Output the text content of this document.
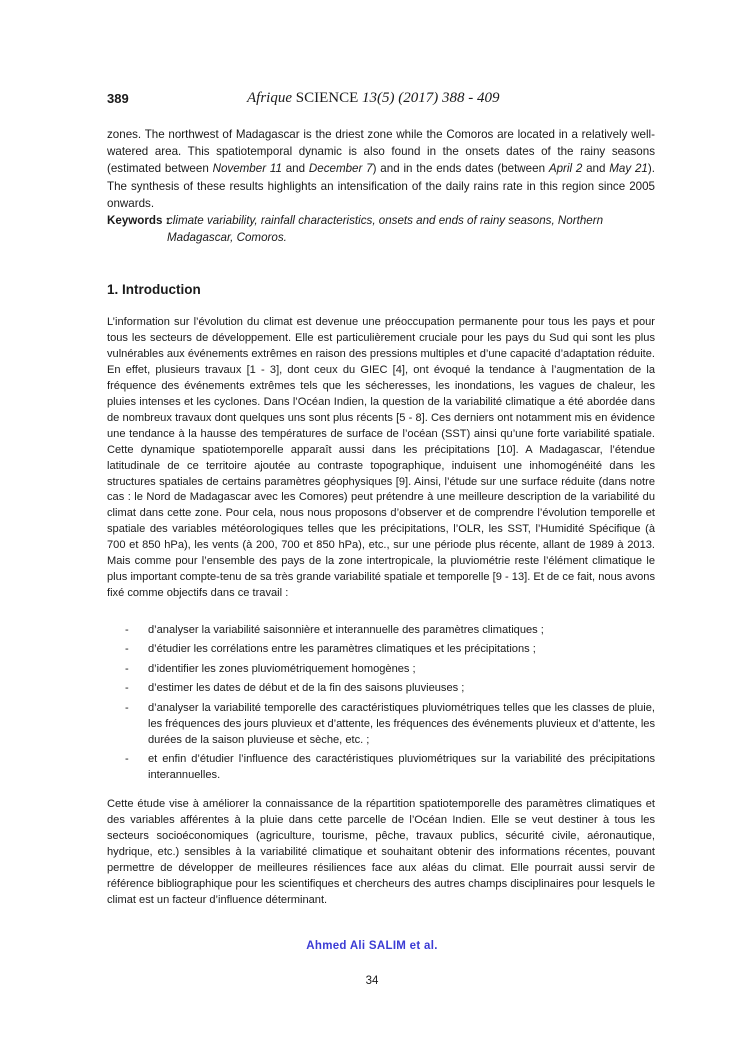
389	Afrique SCIENCE 13(5) (2017) 388 - 409
zones. The northwest of Madagascar is the driest zone while the Comoros are located in a relatively well-watered area. This spatiotemporal dynamic is also found in the onsets dates of the rainy seasons (estimated between November 11 and December 7) and in the ends dates (between April 2 and May 21). The synthesis of these results highlights an intensification of the daily rains rate in this region since 2005 onwards.
Keywords :
climate variability, rainfall characteristics, onsets and ends of rainy seasons, Northern Madagascar, Comoros.
1. Introduction
L’information sur l’évolution du climat est devenue une préoccupation permanente pour tous les pays et pour tous les secteurs de développement. Elle est particulièrement cruciale pour les pays du Sud qui sont les plus vulnérables aux événements extrêmes en raison des pressions multiples et d’une capacité d’adaptation réduite. En effet, plusieurs travaux [1 - 3], dont ceux du GIEC [4], ont évoqué la tendance à l’augmentation de la fréquence des événements extrêmes tels que les sécheresses, les inondations, les vagues de chaleur, les pluies intenses et les cyclones. Dans l’Océan Indien, la question de la variabilité climatique a été abordée dans de nombreux travaux dont quelques uns sont plus récents [5 - 8]. Ces derniers ont notamment mis en évidence une tendance à la hausse des températures de surface de l’océan (SST) ainsi qu’une forte variabilité spatiale. Cette dynamique spatiotemporelle apparaît aussi dans les précipitations [10]. A Madagascar, l’étendue latitudinale de ce territoire ajoutée au contraste topographique, induisent une inhomogénéité dans les structures spatiales de certains paramètres géophysiques [9]. Ainsi, l’étude sur une surface réduite (dans notre cas : le Nord de Madagascar avec les Comores) peut prétendre à une meilleure description de la variabilité du climat dans cette zone. Pour cela, nous nous proposons d’observer et de comprendre l’évolution temporelle et spatiale des variables météorologiques telles que les précipitations, l’OLR, les SST, l’Humidité Spécifique (à 700 et 850 hPa), les vents (à 200, 700 et 850 hPa), etc., sur une période plus récente, allant de 1989 à 2013. Mais comme pour l’ensemble des pays de la zone intertropicale, la pluviométrie reste l’élément climatique le plus important compte-tenu de sa très grande variabilité spatiale et temporelle [9 - 13]. Et de ce fait, nous avons fixé comme objectifs dans ce travail :
- d’analyser la variabilité saisonnière et interannuelle des paramètres climatiques ;
- d’étudier les corrélations entre les paramètres climatiques et les précipitations ;
- d’identifier les zones pluviométriquement homogènes ;
- d’estimer les dates de début et de la fin des saisons pluvieuses ;
- d’analyser la variabilité temporelle des caractéristiques pluviométriques telles que les classes de pluie, les fréquences des jours pluvieux et d’attente, les fréquences des événements pluvieux et d’attente, les durées de la saison pluvieuse et sèche, etc. ;
- et enfin d’étudier l’influence des caractéristiques pluviométriques sur la variabilité des précipitations interannuelles.
Cette étude vise à améliorer la connaissance de la répartition spatiotemporelle des paramètres climatiques et des variables afférentes à la pluie dans cette parcelle de l’Océan Indien. Elle se veut destiner à tous les secteurs socioéconomiques (agriculture, tourisme, pêche, travaux publics, sécurité civile, aéronautique, hydrique, etc.) sensibles à la variabilité climatique et souhaitant obtenir des informations récentes, pouvant permettre de développer de meilleures résiliences face aux aléas du climat. Elle pourrait aussi servir de référence bibliographique pour les scientifiques et chercheurs des autres champs disciplinaires pour lesquels le climat est un facteur d’influence déterminant.
Ahmed Ali SALIM et al.
34
